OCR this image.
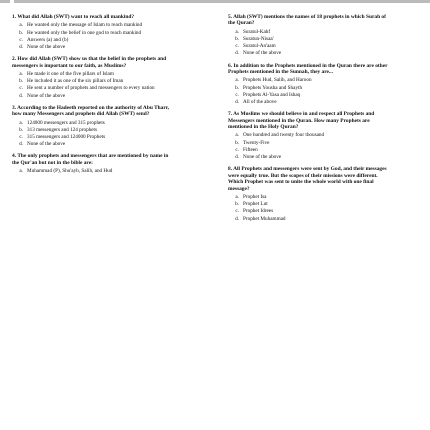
1. What did Allah (SWT) want to reach all mankind?

a. He wanted only the message of Islam to reach mankind
b. He wanted only the belief in one god to reach mankind
c. Answers (a) and (b)
d. None of the above

2. How did Allah (SWT) show us that the belief in the prophets and messengers is important to our faith, as Muslims?

a. He made it one of the five pillars of Islam
b. He included it as one of the six pillars of Iman
c. He sent a number of prophets and messengers to every nation
d. None of the above

3. According to the Hadeeth reported on the authority of Abu Tharr, how many Messengers and prophets did Allah (SWT) send?

a. 124000 messengers and 315 prophets
b. 313 messengers and 124 prophets
c. 315 messengers and 124000 Prophets
d. None of the above

4. The only prophets and messengers that are mentioned by name in the Qur'an but not in the bible are:

a. Muhammad (P), Shu'ayb, Salih, and Hud

5. Allah (SWT) mentions the names of 18 prophets in which Surah of the Quran?

a. Suratul-Kahf
b. Suratun-Nisaa'
c. Suratul-An'aam
d. None of the above

6. In addition to the Prophets mentioned in the Quran there are other Prophets mentioned in the Sunnah, they are...

a. Prophets Hud, Salih, and Haroon
b. Prophets Yousha and Shayth
c. Prophets Al-Yasa and Ishaq
d. All of the above

7. As Muslims we should believe in and respect all Prophets and Messengers mentioned in the Quran. How many Prophets are mentioned in the Holy Quran?

a. One hundred and twenty four thousand
b. Twenty-Five
c. Fifteen
d. None of the above

8. All Prophets and messengers were sent by God, and their messages were equally true. But the scopes of their missions were different. Which Prophet was sent to unite the whole world with one final message?

a. Prophet Isa
b. Prophet Lut
c. Prophet Idrees
d. Prophet Muhammad
